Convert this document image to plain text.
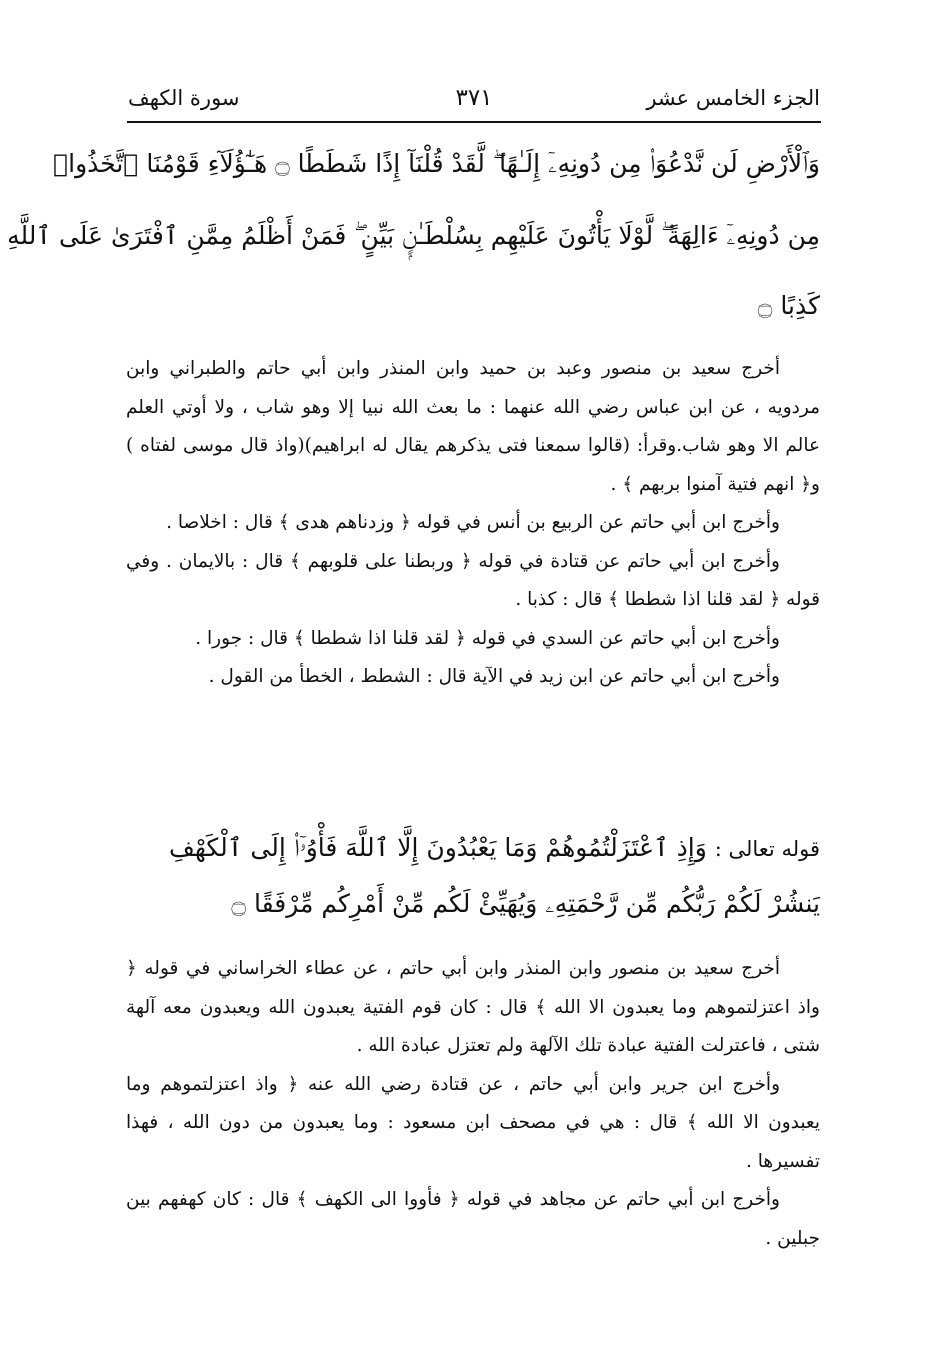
الجزء الخامس عشر
٣٧١
سورة الكهف
وَٱلْأَرْضِ لَن نَّدْعُوَا۟ مِن دُونِهِۦٓ إِلَـٰهًا ۖ لَّقَدْ قُلْنَآ إِذًا شَطَطًا ۝ هَـٰٓؤُلَآءِ قَوْمُنَا ٱتَّخَذُوا۟
مِن دُونِهِۦٓ ءَالِهَةً ۖ لَّوْلَا يَأْتُونَ عَلَيْهِم بِسُلْطَـٰنٍۭ بَيِّنٍ ۖ فَمَنْ أَظْلَمُ مِمَّنِ ٱفْتَرَىٰ عَلَى ٱللَّهِ
كَذِبًا ۝

أخرج سعيد بن منصور وعبد بن حميد وابن المنذر وابن أبي حاتم والطبراني وابن مردويه ، عن ابن عباس رضي الله عنهما : ما بعث الله نبيا إلا وهو شاب ، ولا أوتي العلم عالم الا وهو شاب.وقرأ: (قالوا سمعنا فتى يذكرهم يقال له ابراهيم)(واذ قال موسى لفتاه ) و﴿ انهم فتية آمنوا بربهم ﴾ .

وأخرج ابن أبي حاتم عن الربيع بن أنس في قوله ﴿ وزدناهم هدى ﴾ قال : اخلاصا .

وأخرج ابن أبي حاتم عن قتادة في قوله ﴿ وربطنا على قلوبهم ﴾ قال : بالايمان . وفي قوله ﴿ لقد قلنا اذا شططا ﴾ قال : كذبا .

وأخرج ابن أبي حاتم عن السدي في قوله ﴿ لقد قلنا اذا شططا ﴾ قال : جورا .

وأخرج ابن أبي حاتم عن ابن زيد في الآية قال : الشطط ، الخطأ من القول .

قوله تعالى : وَإِذِ ٱعْتَزَلْتُمُوهُمْ وَمَا يَعْبُدُونَ إِلَّا ٱللَّهَ فَأْوُۥٓا۟ إِلَى ٱلْكَهْفِ
يَنشُرْ لَكُمْ رَبُّكُم مِّن رَّحْمَتِهِۦ وَيُهَيِّئْ لَكُم مِّنْ أَمْرِكُم مِّرْفَقًا ۝

أخرج سعيد بن منصور وابن المنذر وابن أبي حاتم ، عن عطاء الخراساني في قوله ﴿ واذ اعتزلتموهم وما يعبدون الا الله ﴾ قال : كان قوم الفتية يعبدون الله ويعبدون معه آلهة شتى ، فاعترلت الفتية عبادة تلك الآلهة ولم تعتزل عبادة الله .

وأخرج ابن جرير وابن أبي حاتم ، عن قتادة رضي الله عنه ﴿ واذ اعتزلتموهم وما يعبدون الا الله ﴾ قال : هي في مصحف ابن مسعود : وما يعبدون من دون الله ، فهذا تفسيرها .

وأخرج ابن أبي حاتم عن مجاهد في قوله ﴿ فأووا الى الكهف ﴾ قال : كان كهفهم بين جبلين .
